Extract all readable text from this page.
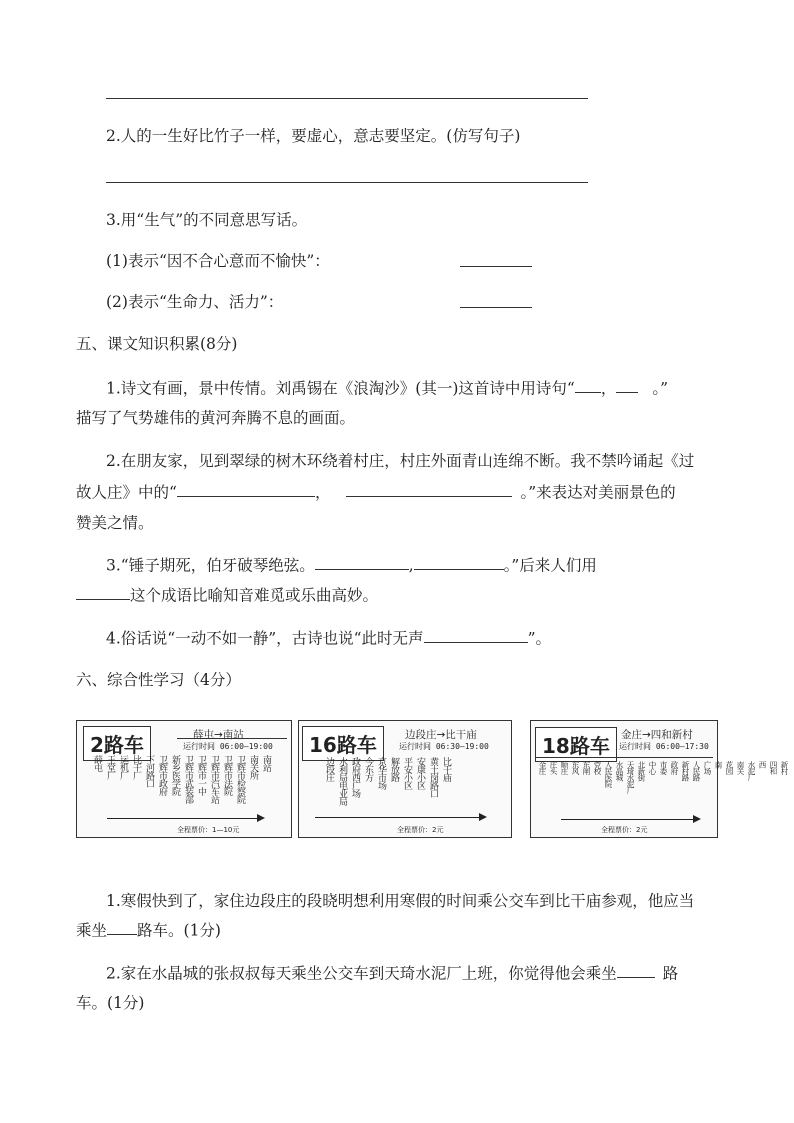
2.人的一生好比竹子一样，要虚心，意志要坚定。(仿写句子)
3.用“生气”的不同意思写话。
(1)表示“因不合心意而不愉快”：
(2)表示“生命力、活力”：
五、课文知识积累(8分)
1.诗文有画，景中传情。刘禹锡在《浪淘沙》(其一)这首诗中用诗句“ ， 。”
描写了气势雄伟的黄河奔腾不息的画面。
2.在朋友家，见到翠绿的树木环绕着村庄，村庄外面青山连绵不断。我不禁吟诵起《过
故人庄》中的“	，	。”来表达对美丽景色的
赞美之情。
3.“锤子期死，伯牙破琴绝弦。	,	。”后来人们用
这个成语比喻知音难觅或乐曲高妙。
4.俗话说“一动不如一静”，古诗也说“此时无声	”。
六、综合性学习（4分）
2路车	薛屯→南站
运行时间 06:00—19:00
薛屯 王堂厂 运机厂 比干厂 下河路口 卫辉市政府 新乡医学院 卫辉市武装部 卫辉市一中 卫辉市汽车站 卫辉市法院 卫辉市检察院 南关所 南站
全程票价：1—10元
16路车	边段庄→比干庙
运行时间 06:30—19:00
边段庄 水利局电业局 政府西广场 今东方 京华市场 解放路 平安小区 安康小区 黄土岗路口 比干庙
全程票价：2元
18路车	金庄→四和新村
运行时间 06:00—17:30
金庄 庄头 顺庄 东风 东闸 党校 人民医院 水晶城 天琦水泥厂 北新街 中心 市委 政府 新村路 人民路 广场 南 花园 南关 水泥厂 西 四和 新村
全程票价：2元
1.寒假快到了，家住边段庄的段晓明想利用寒假的时间乘公交车到比干庙参观，他应当
乘坐 路车。(1分)
2.家在水晶城的张叔叔每天乘坐公交车到天琦水泥厂上班，你觉得他会乘坐	路
车。(1分)
